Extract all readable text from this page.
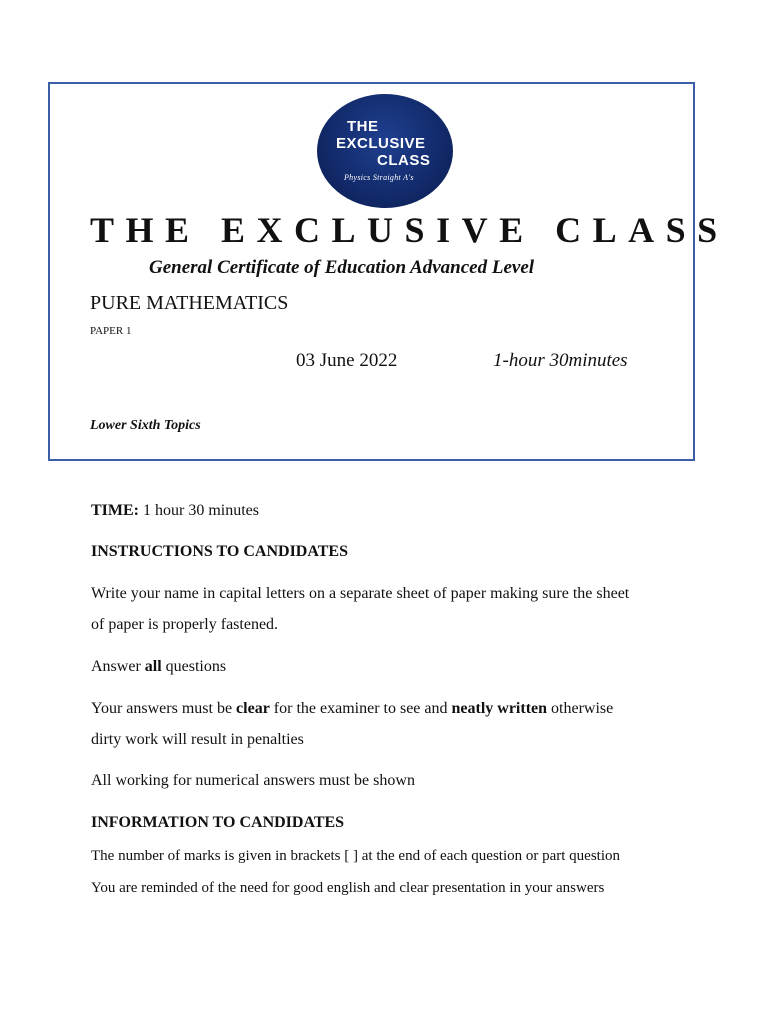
THE
EXCLUSIVE
CLASS
Physics Straight A's
THE EXCLUSIVE CLASS
General Certificate of Education Advanced Level
PURE MATHEMATICS
PAPER 1
03 June 2022	1-hour 30minutes
Lower Sixth Topics
TIME: 1 hour 30 minutes
INSTRUCTIONS TO CANDIDATES
Write your name in capital letters on a separate sheet of paper making sure the sheet
of paper is properly fastened.
Answer all questions
Your answers must be clear for the examiner to see and neatly written otherwise
dirty work will result in penalties
All working for numerical answers must be shown
INFORMATION TO CANDIDATES
The number of marks is given in brackets [ ] at the end of each question or part question
You are reminded of the need for good english and clear presentation in your answers
